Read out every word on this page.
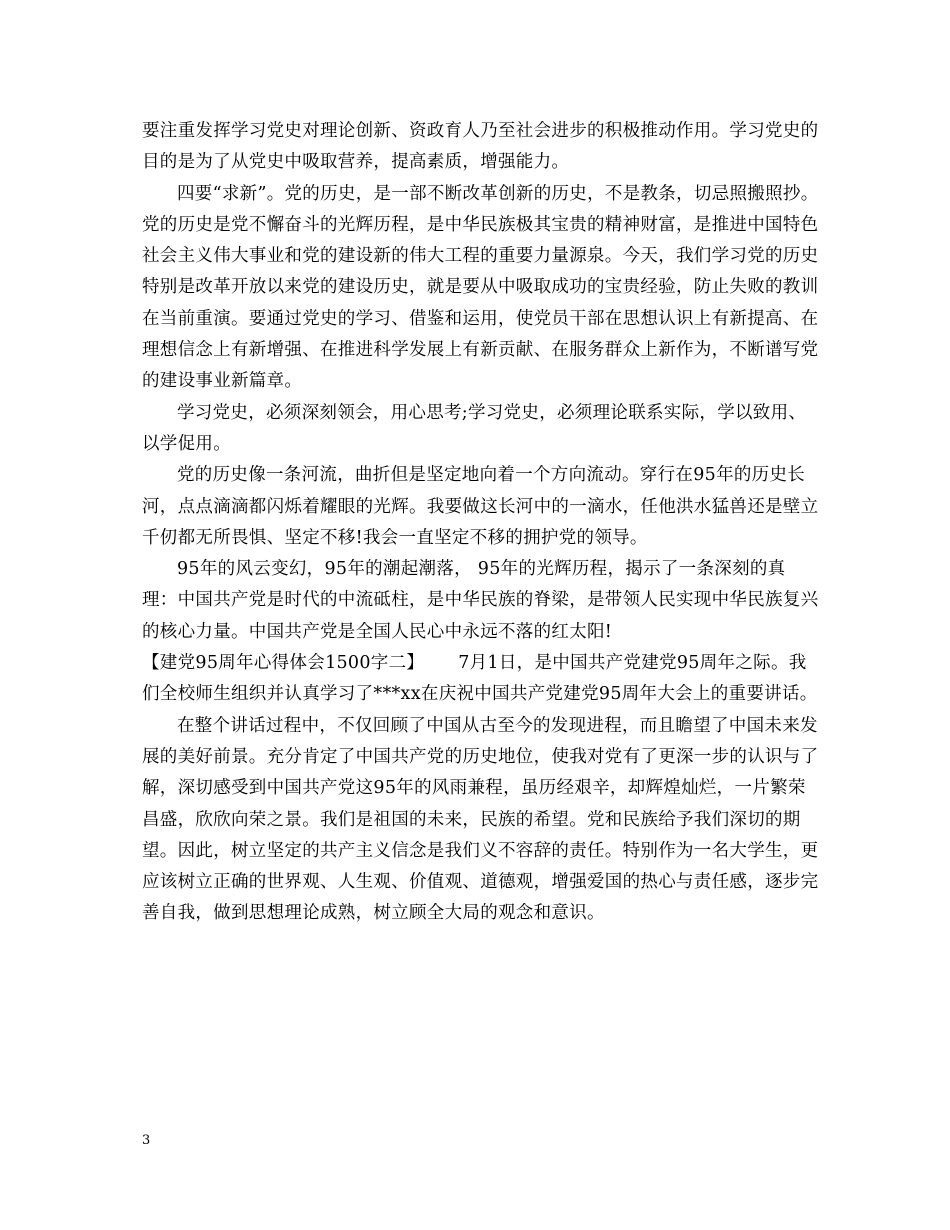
要注重发挥学习党史对理论创新、资政育人乃至社会进步的积极推动作用。学习党史的目的是为了从党史中吸取营养，提高素质，增强能力。

四要“求新”。党的历史，是一部不断改革创新的历史，不是教条，切忌照搬照抄。党的历史是党不懈奋斗的光辉历程，是中华民族极其宝贵的精神财富，是推进中国特色社会主义伟大事业和党的建设新的伟大工程的重要力量源泉。今天，我们学习党的历史特别是改革开放以来党的建设历史，就是要从中吸取成功的宝贵经验，防止失败的教训在当前重演。要通过党史的学习、借鉴和运用，使党员干部在思想认识上有新提高、在理想信念上有新增强、在推进科学发展上有新贡献、在服务群众上新作为，不断谱写党的建设事业新篇章。

学习党史，必须深刻领会，用心思考;学习党史，必须理论联系实际，学以致用、以学促用。

党的历史像一条河流，曲折但是坚定地向着一个方向流动。穿行在95年的历史长河，点点滴滴都闪烁着耀眼的光辉。我要做这长河中的一滴水，任他洪水猛兽还是壁立千仞都无所畏惧、坚定不移!我会一直坚定不移的拥护党的领导。

95年的风云变幻，95年的潮起潮落， 95年的光辉历程，揭示了一条深刻的真理：中国共产党是时代的中流砥柱，是中华民族的脊梁，是带领人民实现中华民族复兴的核心力量。中国共产党是全国人民心中永远不落的红太阳!

【建党95周年心得体会1500字二】 7月1日，是中国共产党建党95周年之际。我们全校师生组织并认真学习了***xx在庆祝中国共产党建党95周年大会上的重要讲话。

在整个讲话过程中，不仅回顾了中国从古至今的发现进程，而且瞻望了中国未来发展的美好前景。充分肯定了中国共产党的历史地位，使我对党有了更深一步的认识与了解，深切感受到中国共产党这95年的风雨兼程，虽历经艰辛，却辉煌灿烂，一片繁荣昌盛，欣欣向荣之景。我们是祖国的未来，民族的希望。党和民族给予我们深切的期望。因此，树立坚定的共产主义信念是我们义不容辞的责任。特别作为一名大学生，更应该树立正确的世界观、人生观、价值观、道德观，增强爱国的热心与责任感，逐步完善自我，做到思想理论成熟，树立顾全大局的观念和意识。

3
